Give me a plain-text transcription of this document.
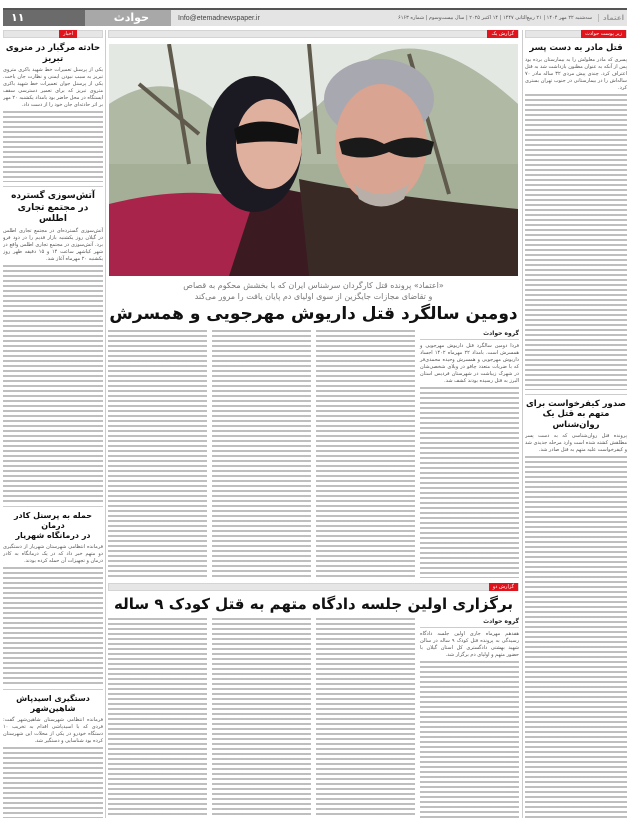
۱۱	حوادث	Info@etemadnewspaper.ir	سه‌شنبه ۲۲ مهر ۱۴۰۴ | ۲۱ ربیع‌الثانی ۱۴۴۷ | ۱۴ اکتبر ۲۰۲۵ | سال بیست‌وسوم | شماره ۶۱۶۳	اعتماد
اخبار
حادثه مرگبار در متروی تبریز
یکی از پرسنل تعمیرات خط شهید باکری متروی تبریز به سبب نبودن ایمنی و نظارت جان باخت. یکی از پرسنل جوان تعمیرات خط شهید باکری متروی تبریز که برای تعمیر دسترسی سقف ایستگاه در محل حاضر بود بامداد یکشنبه ۲۰ مهر بر اثر حادثه‌ای جان خود را از دست داد.
آتش‌سوزی گسترده
در مجتمع تجاری اطلس
آتش‌سوزی گسترده‌ای در مجتمع تجاری اطلس در گیلان روز یکشنبه بازار قدیم را در دود فرو برد. آتش‌سوزی در مجتمع تجاری اطلس واقع در شهر کیاشهر ساعت ۱۴ و ۱۵ دقیقه ظهر روز یکشنبه ۲۰ مهرماه آغاز شد.
حمله به پرسنل کادر درمان
در درمانگاه شهریار
فرمانده انتظامی شهرستان شهریار از دستگیری دو متهم خبر داد که در یک درمانگاه به کادر درمان و تجهیزات آن حمله کرده بودند.
دستگیری اسیدپاش شاهین‌شهر
فرمانده انتظامی شهرستان شاهین‌شهر گفت: فردی که با اسیدپاشی اقدام به تخریب ۱۰ دستگاه خودرو در یکی از محلات این شهرستان کرده بود شناسایی و دستگیر شد.
گزارش یک
«اعتماد» پرونده قتل کارگردان سرشناس ایران که با بخشش محکوم به قصاص
و تقاضای مجازات جایگزین از سوی اولیای دم پایان یافت را مرور می‌کند
دومین سالگرد قتل داریوش مهرجویی و همسرش
گروه حوادث
فردا دومین سالگرد قتل داریوش مهرجویی و همسرش است. بامداد ۲۲ مهرماه ۱۴۰۲ اجساد داریوش مهرجویی و همسرش وحیده محمدی‌فر که با ضربات متعدد چاقو در ویلای شخصی‌شان در شهرک زیباشت در شهرستان فردیس استان البرز به قتل رسیده بودند کشف شد.
گزارش دو
برگزاری اولین جلسه دادگاه متهم به قتل کودک ۹ ساله
گروه حوادث
هفدهم مهرماه جاری اولین جلسه دادگاه رسیدگی به پرونده قتل کودک ۹ ساله در سالن شهید بهشتی دادگستری کل استان گیلان با حضور متهم و اولیای دم برگزار شد.
زیر پوست حوادث
قتل مادر به دست پسر
پسری که مادر معلولش را به بیمارستان برده بود پس از آنکه به عنوان مظنون بازداشت شد به قتل اعتراف کرد. چندی پیش مردی ۳۲ ساله مادر ۷۰ ساله‌اش را در بیمارستانی در جنوب تهران بستری کرد.
صدور کیفرخواست برای
متهم به قتل یک روان‌شناس
پرونده قتل روان‌شناسی که به دست پسر مطلقش کشته شده است وارد مرحله جدیدی شد و کیفرخواست علیه متهم به قتل صادر شد.
